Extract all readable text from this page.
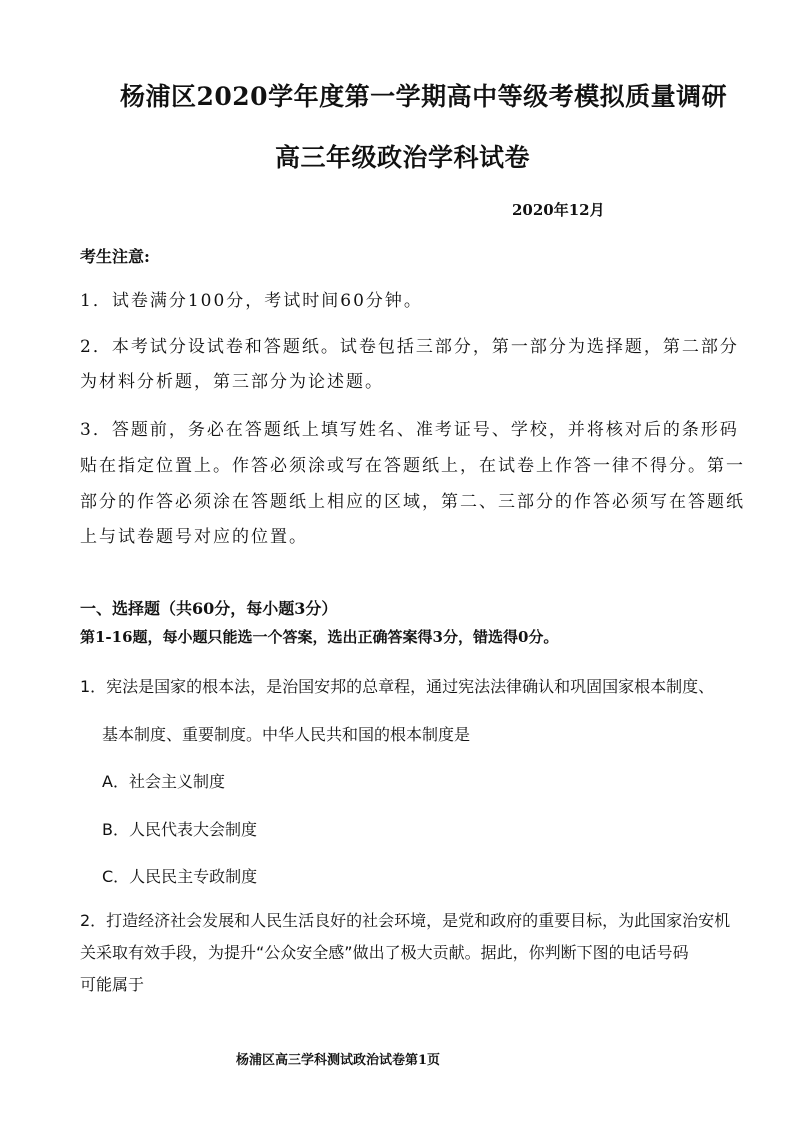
杨浦区2020学年度第一学期高中等级考模拟质量调研
高三年级政治学科试卷
2020年12月
考生注意:
1．试卷满分100分，考试时间60分钟。
2．本考试分设试卷和答题纸。试卷包括三部分，第一部分为选择题，第二部分
为材料分析题，第三部分为论述题。
3．答题前，务必在答题纸上填写姓名、准考证号、学校，并将核对后的条形码
贴在指定位置上。作答必须涂或写在答题纸上，在试卷上作答一律不得分。第一
部分的作答必须涂在答题纸上相应的区域，第二、三部分的作答必须写在答题纸
上与试卷题号对应的位置。
一、选择题（共60分，每小题3分）
第1-16题，每小题只能选一个答案，选出正确答案得3分，错选得0分。
1．宪法是国家的根本法，是治国安邦的总章程，通过宪法法律确认和巩固国家根本制度、
基本制度、重要制度。中华人民共和国的根本制度是
A．社会主义制度
B．人民代表大会制度
C．人民民主专政制度
2．打造经济社会发展和人民生活良好的社会环境，是党和政府的重要目标，为此国家治安机
关采取有效手段，为提升“公众安全感”做出了极大贡献。据此，你判断下图的电话号码
可能属于
杨浦区高三学科测试政治试卷第1页
